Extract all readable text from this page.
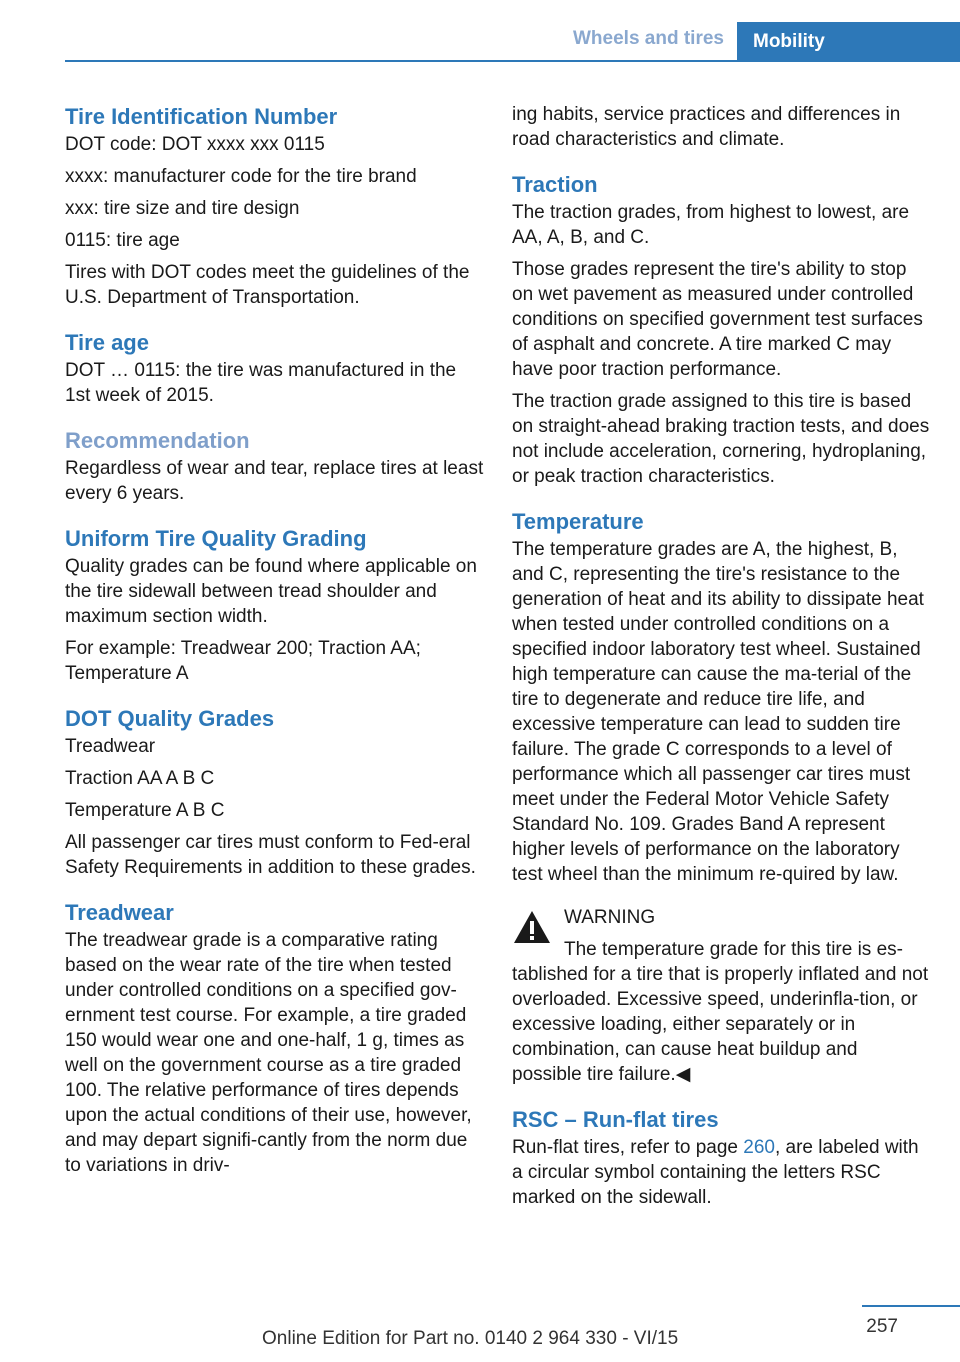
Wheels and tires	Mobility
Tire Identification Number

DOT code: DOT xxxx xxx 0115

xxxx: manufacturer code for the tire brand

xxx: tire size and tire design

0115: tire age

Tires with DOT codes meet the guidelines of the U.S. Department of Transportation.

Tire age

DOT … 0115: the tire was manufactured in the 1st week of 2015.

Recommendation

Regardless of wear and tear, replace tires at least every 6 years.

Uniform Tire Quality Grading

Quality grades can be found where applicable on the tire sidewall between tread shoulder and maximum section width.

For example: Treadwear 200; Traction AA; Temperature A

DOT Quality Grades

Treadwear

Traction AA A B C

Temperature A B C

All passenger car tires must conform to Fed‐eral Safety Requirements in addition to these grades.

Treadwear

The treadwear grade is a comparative rating based on the wear rate of the tire when tested under controlled conditions on a specified gov‐ernment test course. For example, a tire graded 150 would wear one and one-half, 1 g, times as well on the government course as a tire graded 100. The relative performance of tires depends upon the actual conditions of their use, however, and may depart signifi‐cantly from the norm due to variations in driv‐

ing habits, service practices and differences in road characteristics and climate.

Traction

The traction grades, from highest to lowest, are AA, A, B, and C.

Those grades represent the tire's ability to stop on wet pavement as measured under controlled conditions on specified government test surfaces of asphalt and concrete. A tire marked C may have poor traction performance.

The traction grade assigned to this tire is based on straight-ahead braking traction tests, and does not include acceleration, cornering, hydroplaning, or peak traction characteristics.

Temperature

The temperature grades are A, the highest, B, and C, representing the tire's resistance to the generation of heat and its ability to dissipate heat when tested under controlled conditions on a specified indoor laboratory test wheel. Sustained high temperature can cause the ma‐terial of the tire to degenerate and reduce tire life, and excessive temperature can lead to sudden tire failure. The grade C corresponds to a level of performance which all passenger car tires must meet under the Federal Motor Vehicle Safety Standard No. 109. Grades Band A represent higher levels of performance on the laboratory test wheel than the minimum re‐quired by law.

WARNING

The temperature grade for this tire is es‐tablished for a tire that is properly inflated and not overloaded. Excessive speed, underinfla‐tion, or excessive loading, either separately or in combination, can cause heat buildup and possible tire failure.◀

RSC – Run-flat tires

Run-flat tires, refer to page 260, are labeled with a circular symbol containing the letters RSC marked on the sidewall.

257
Online Edition for Part no. 0140 2 964 330 - VI/15
